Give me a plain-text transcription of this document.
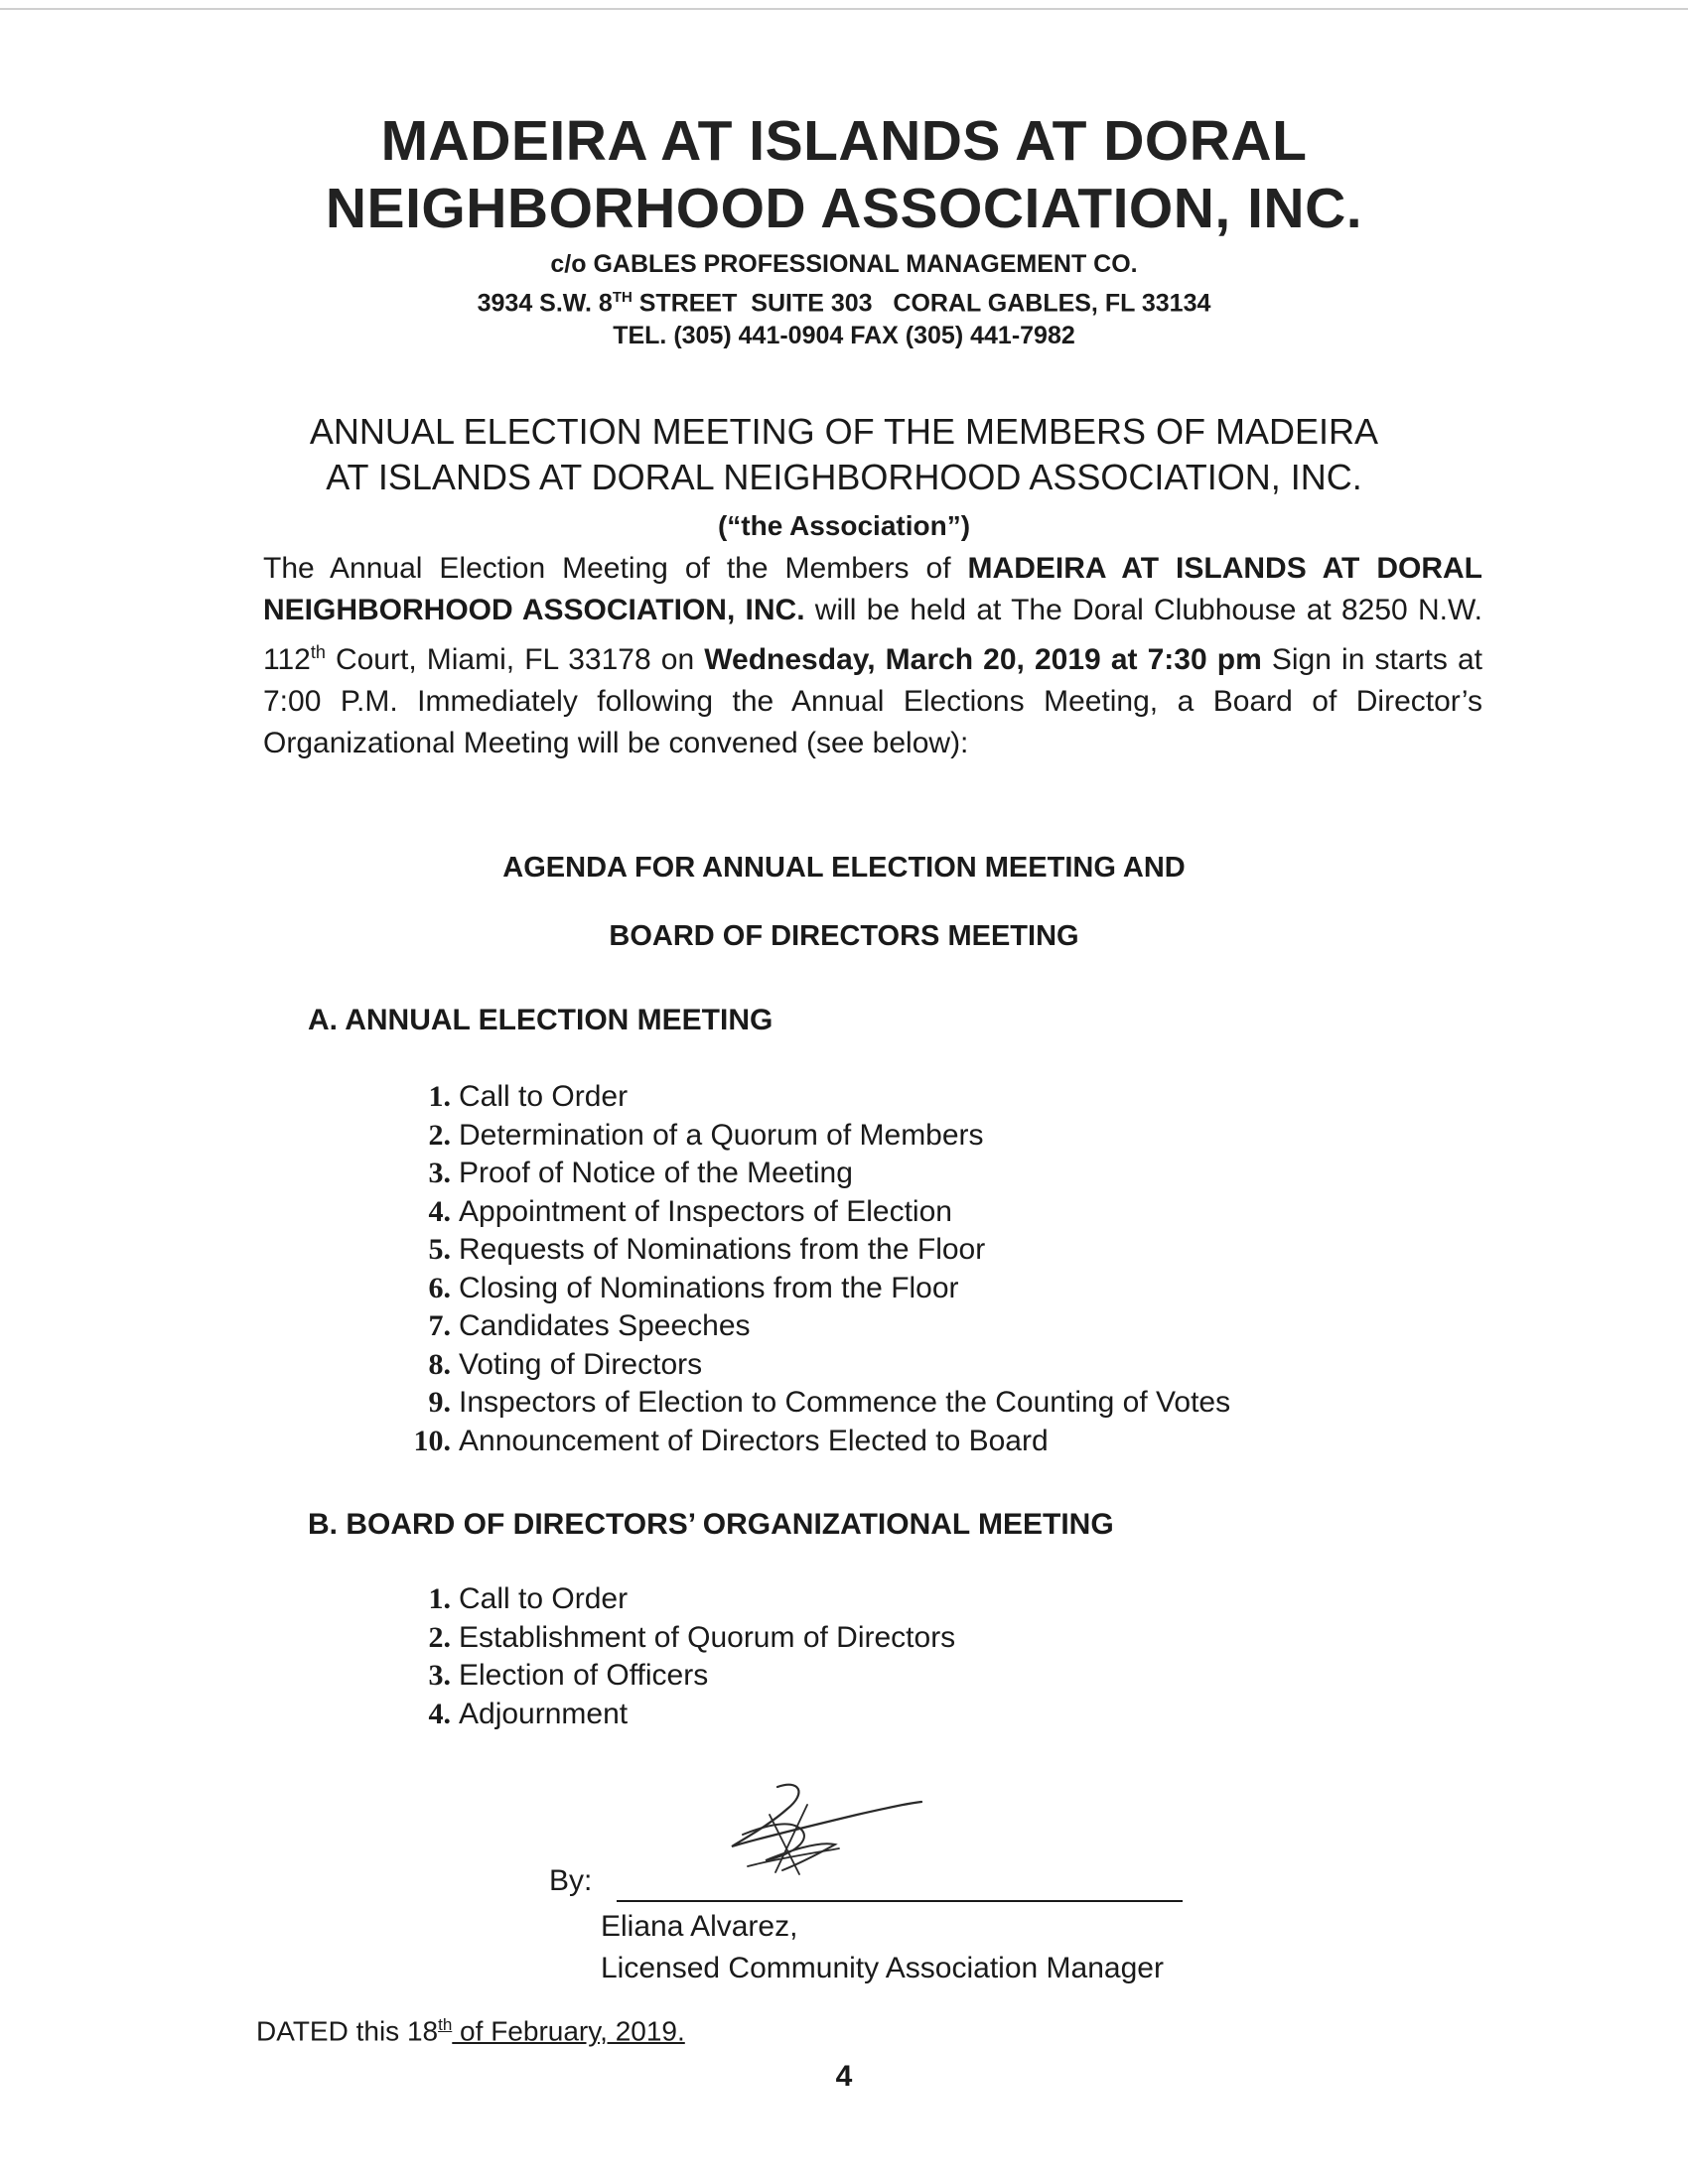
MADEIRA AT ISLANDS AT DORAL
NEIGHBORHOOD ASSOCIATION, INC.
c/o GABLES PROFESSIONAL MANAGEMENT CO.
3934 S.W. 8TH STREET  SUITE 303   CORAL GABLES, FL 33134
TEL. (305) 441-0904 FAX (305) 441-7982
ANNUAL ELECTION MEETING OF THE MEMBERS OF MADEIRA
AT ISLANDS AT DORAL NEIGHBORHOOD ASSOCIATION, INC.
(“the Association”)
The Annual Election Meeting of the Members of MADEIRA AT ISLANDS AT DORAL NEIGHBORHOOD ASSOCIATION, INC. will be held at The Doral Clubhouse at 8250 N.W. 112th Court, Miami, FL 33178 on Wednesday, March 20, 2019 at 7:30 pm Sign in starts at 7:00 P.M. Immediately following the Annual Elections Meeting, a Board of Director’s Organizational Meeting will be convened (see below):
AGENDA FOR ANNUAL ELECTION MEETING AND
BOARD OF DIRECTORS MEETING
A. ANNUAL ELECTION MEETING
1 . Call to Order
2 . Determination of a Quorum of Members
3 . Proof of Notice of the Meeting
4 . Appointment of Inspectors of Election
5 . Requests of Nominations from the Floor
6 . Closing of Nominations from the Floor
7 . Candidates Speeches
8 . Voting of Directors
9 . Inspectors of Election to Commence the Counting of Votes
10 . Announcement of Directors Elected to Board
B. BOARD OF DIRECTORS’ ORGANIZATIONAL MEETING
1 . Call to Order
2 . Establishment of Quorum of Directors
3 . Election of Officers
4 . Adjournment
By:
Eliana Alvarez,
Licensed Community Association Manager
DATED this 18th of February, 2019.
4
